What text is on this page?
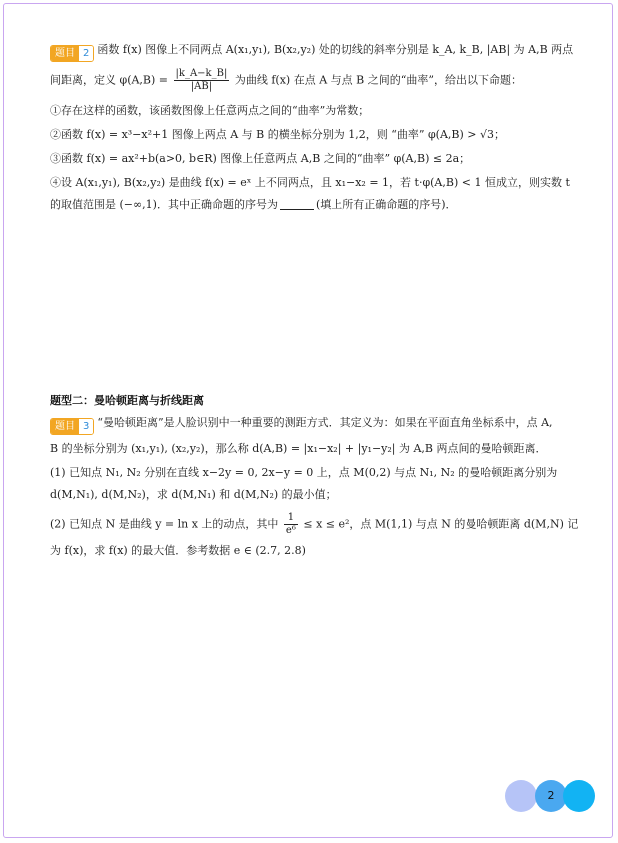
题目 2 函数 f(x) 图像上不同两点 A(x₁,y₁), B(x₂,y₂) 处的切线的斜率分别是 k_A, k_B, |AB| 为 A,B 两点
间距离，定义 $\varphi(A,B) = \frac{|k\_A-k\_B|}{|AB|}$ 为曲线 f(x) 在点 A 与点 B 之间的“曲率”，给出以下命题：
①存在这样的函数，该函数图像上任意两点之间的“曲率”为常数；
②函数 f(x) = x³−x²+1 图像上两点 A 与 B 的横坐标分别为 1,2，则 “曲率” φ(A,B) > √3；
③函数 f(x) = ax²+b(a>0, b∈R) 图像上任意两点 A,B 之间的“曲率” φ(A,B) ≤ 2a；
④设 A(x₁,y₁), B(x₂,y₂) 是曲线 f(x) = eˣ 上不同两点，且 x₁−x₂ = 1，若 t·φ(A,B) < 1 恒成立，则实数 t
的取值范围是 (−∞,1)．其中正确命题的序号为	(填上所有正确命题的序号)．
题型二：曼哈顿距离与折线距离
题目 3 “曼哈顿距离”是人脸识别中一种重要的测距方式．其定义为：如果在平面直角坐标系中，点 A,
B 的坐标分别为 (x₁,y₁), (x₂,y₂)，那么称 d(A,B) = |x₁−x₂| + |y₁−y₂| 为 A,B 两点间的曼哈顿距离．
(1) 已知点 N₁, N₂ 分别在直线 x−2y = 0, 2x−y = 0 上，点 M(0,2) 与点 N₁, N₂ 的曼哈顿距离分别为
d(M,N₁), d(M,N₂)，求 d(M,N₁) 和 d(M,N₂) 的最小值；
(2) 已知点 N 是曲线 y = ln x 上的动点，其中 $\frac{1}{\text{e⁶}} \le x \le e^2$，点 M(1,1) 与点 N 的曼哈顿距离 d(M,N) 记
为 f(x)，求 f(x) 的最大值．参考数据 e ∈ (2.7, 2.8)
2
